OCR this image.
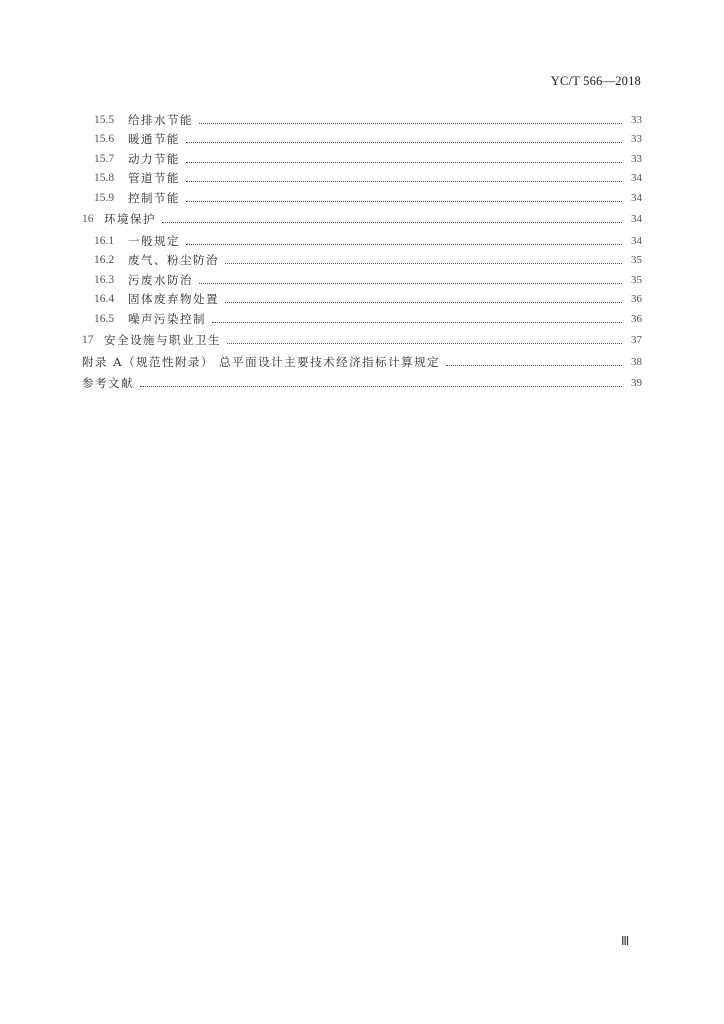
YC/T 566—2018
15.5	给排水节能	33
15.6	暖通节能	33
15.7	动力节能	33
15.8	管道节能	34
15.9	控制节能	34
16 环境保护	34
16.1	一般规定	34
16.2	废气、粉尘防治	35
16.3	污废水防治	35
16.4	固体废弃物处置	36
16.5	噪声污染控制	36
17 安全设施与职业卫生	37
附录 A（规范性附录） 总平面设计主要技术经济指标计算规定	38
参考文献	39
Ⅲ
